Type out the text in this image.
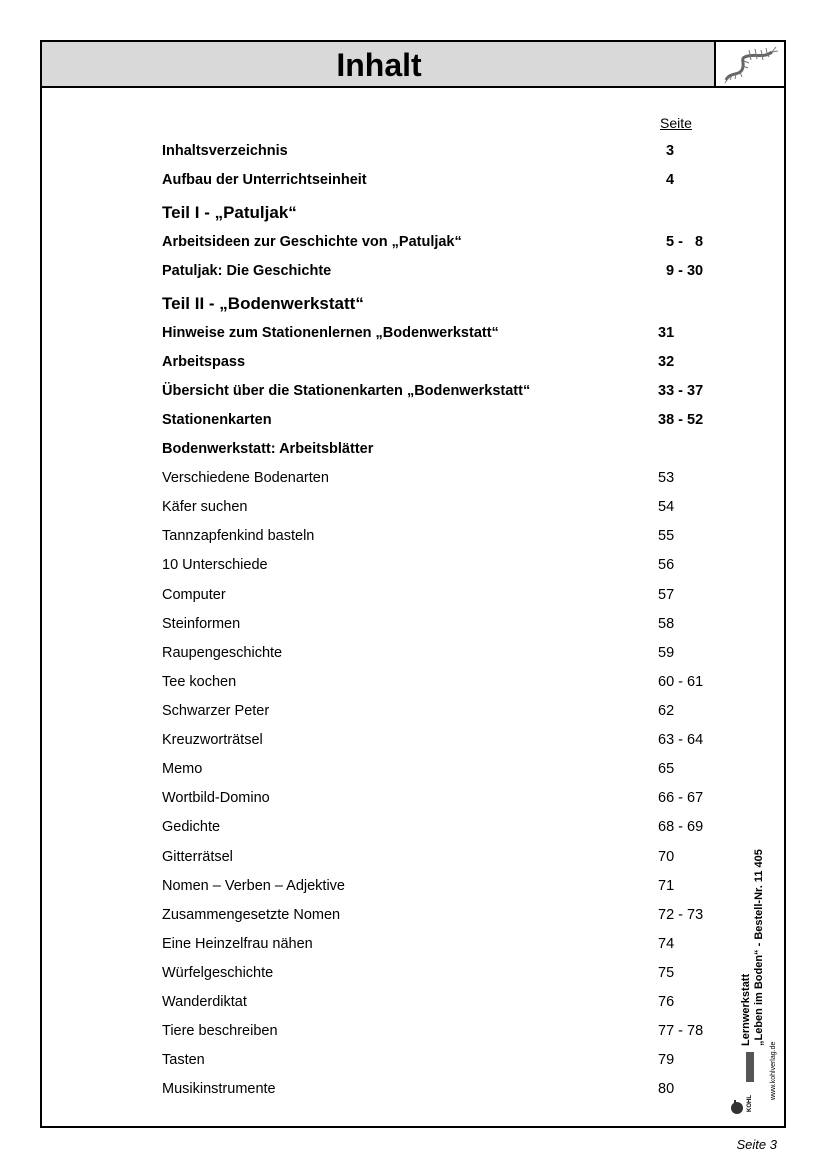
Inhalt
Seite
Inhaltsverzeichnis	3
Aufbau der Unterrichtseinheit	4
Teil I - „Patuljak“
Arbeitsideen zur Geschichte von „Patuljak“	5 -   8
Patuljak: Die Geschichte	9 - 30
Teil II - „Bodenwerkstatt“
Hinweise zum Stationenlernen „Bodenwerkstatt“	31
Arbeitspass	32
Übersicht über die Stationenkarten „Bodenwerkstatt“	33 - 37
Stationenkarten	38 - 52
Bodenwerkstatt: Arbeitsblätter
Verschiedene Bodenarten	53
Käfer suchen	54
Tannzapfenkind basteln	55
10 Unterschiede	56
Computer	57
Steinformen	58
Raupengeschichte	59
Tee kochen	60 - 61
Schwarzer Peter	62
Kreuzworträtsel	63 - 64
Memo	65
Wortbild-Domino	66 - 67
Gedichte	68 - 69
Gitterrätsel	70
Nomen – Verben – Adjektive	71
Zusammengesetzte Nomen	72 - 73
Eine Heinzelfrau nähen	74
Würfelgeschichte	75
Wanderdiktat	76
Tiere beschreiben	77 - 78
Tasten	79
Musikinstrumente	80
Lernwerkstatt „Leben im Boden“ - Bestell-Nr. 11 405
www.kohlverlag.de
KOHL
Seite 3
